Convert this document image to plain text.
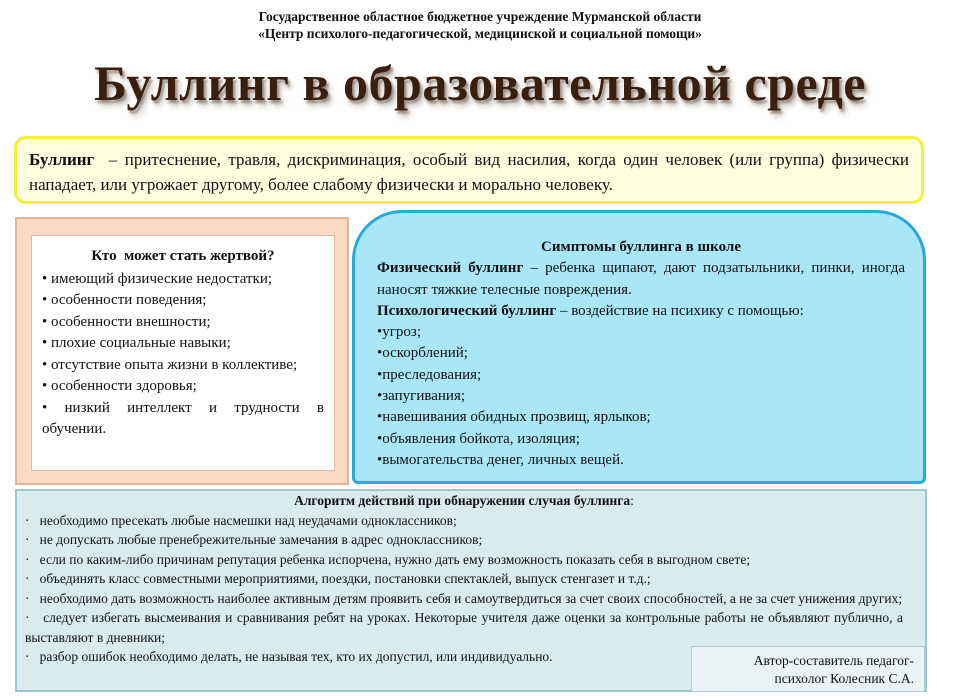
Государственное областное бюджетное учреждение Мурманской области
«Центр психолого-педагогической, медицинской и социальной помощи»
Буллинг в образовательной среде
Буллинг  – притеснение, травля, дискриминация, особый вид насилия, когда один человек (или группа) физически нападает, или угрожает другому, более слабому физически и морально человеку.
Кто  может стать жертвой?
• имеющий физические недостатки;
• особенности поведения;
• особенности внешности;
• плохие социальные навыки;
• отсутствие опыта жизни в коллективе;
• особенности здоровья;
• низкий интеллект и трудности в обучении.
Симптомы буллинга в школе
Физический буллинг – ребенка щипают, дают подзатыльники, пинки, иногда наносят тяжкие телесные повреждения.
Психологический буллинг – воздействие на психику с помощью:
•угроз;
•оскорблений;
•преследования;
•запугивания;
•навешивания обидных прозвищ, ярлыков;
•объявления бойкота, изоляция;
•вымогательства денег, личных вещей.
Алгоритм действий при обнаружении случая буллинга:
·   необходимо пресекать любые насмешки над неудачами одноклассников;
·   не допускать любые пренебрежительные замечания в адрес одноклассников;
·   если по каким-либо причинам репутация ребенка испорчена, нужно дать ему возможность показать себя в выгодном свете;
·   объединять класс совместными мероприятиями, поездки, постановки спектаклей, выпуск стенгазет и т.д.;
·   необходимо дать возможность наиболее активным детям проявить себя и самоутвердиться за счет своих способностей, а не за счет унижения других;
·   следует избегать высмеивания и сравнивания ребят на уроках. Некоторые учителя даже оценки за контрольные работы не объявляют публично, а выставляют в дневники;
·   разбор ошибок необходимо делать, не называя тех, кто их допустил, или индивидуально.	Автор-составитель педагог-
психолог Колесник С.А.
